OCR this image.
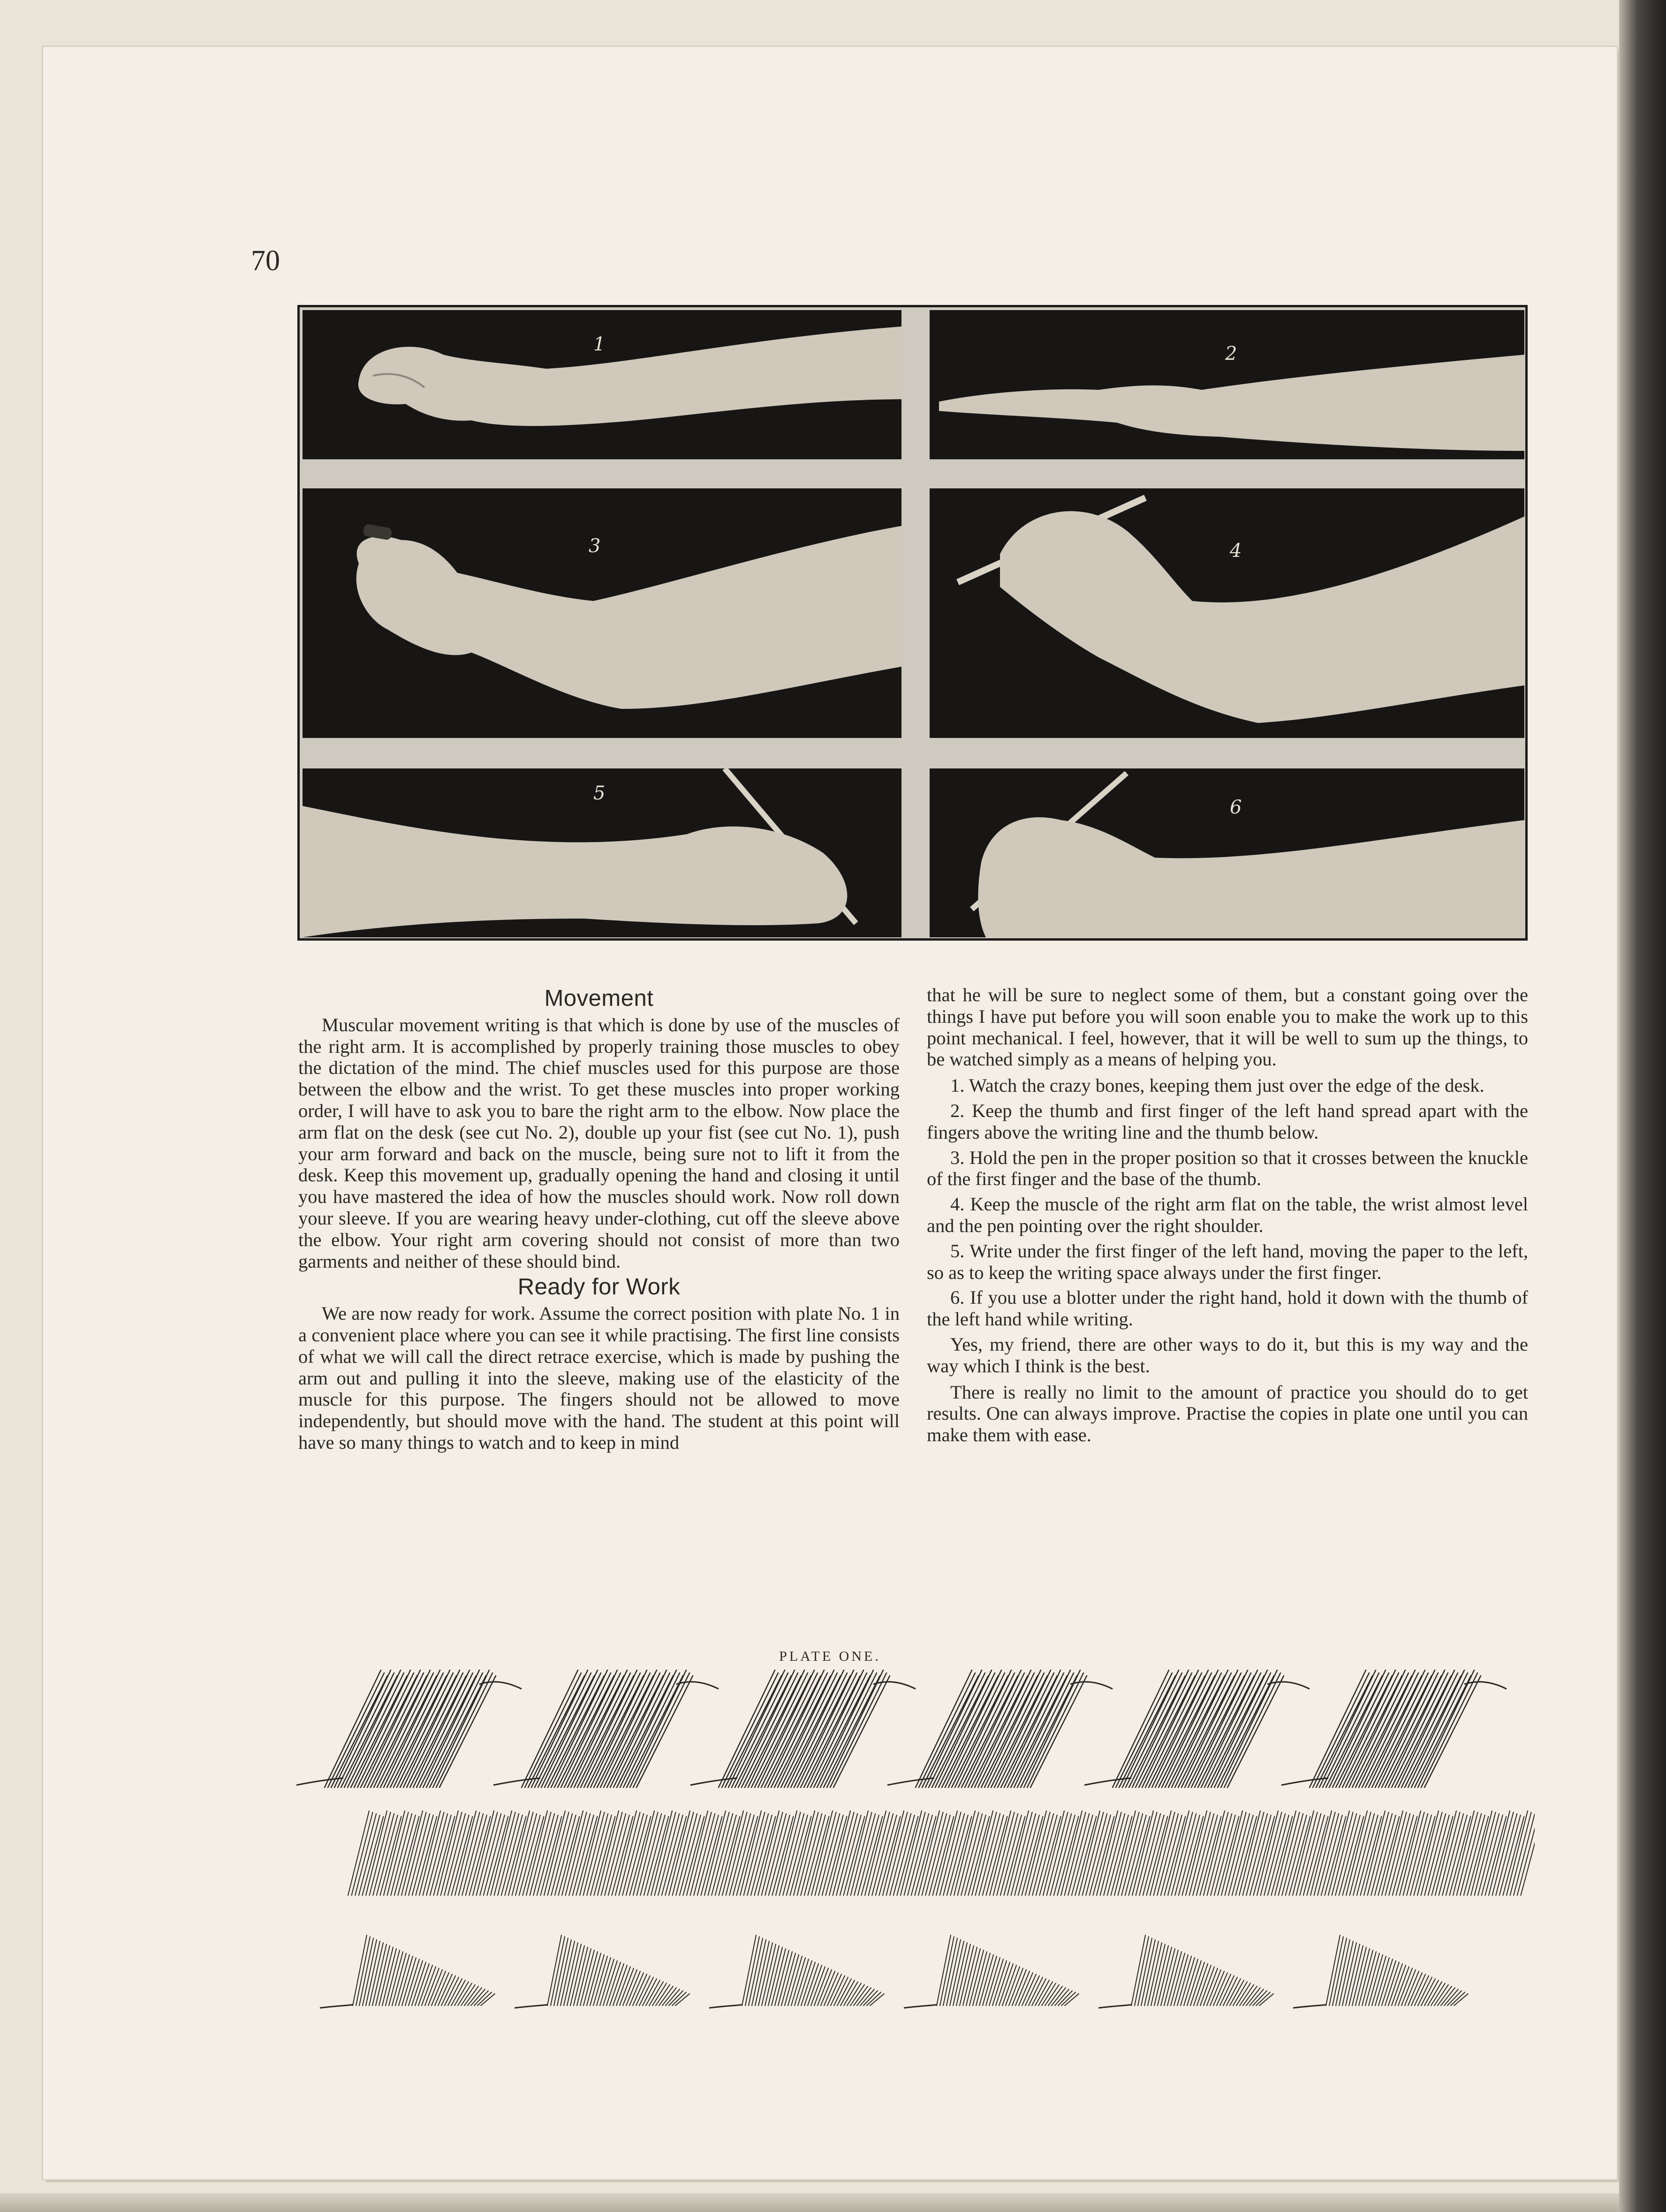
70
1	2
3	4
5
6
Movement

Muscular movement writing is that which is done by use of the muscles of the right arm. It is accomplished by properly training those muscles to obey the dictation of the mind. The chief muscles used for this purpose are those between the elbow and the wrist. To get these muscles into proper working order, I will have to ask you to bare the right arm to the elbow. Now place the arm flat on the desk (see cut No. 2), double up your fist (see cut No. 1), push your arm forward and back on the muscle, being sure not to lift it from the desk. Keep this movement up, gradually opening the hand and closing it until you have mastered the idea of how the muscles should work. Now roll down your sleeve. If you are wearing heavy under-clothing, cut off the sleeve above the elbow. Your right arm covering should not consist of more than two garments and neither of these should bind.

Ready for Work

We are now ready for work. Assume the correct position with plate No. 1 in a convenient place where you can see it while practising. The first line consists of what we will call the direct retrace exercise, which is made by pushing the arm out and pulling it into the sleeve, making use of the elasticity of the muscle for this purpose. The fingers should not be allowed to move independently, but should move with the hand. The student at this point will have so many things to watch and to keep in mind

that he will be sure to neglect some of them, but a constant going over the things I have put before you will soon enable you to make the work up to this point mechanical. I feel, however, that it will be well to sum up the things, to be watched simply as a means of helping you.

1. Watch the crazy bones, keeping them just over the edge of the desk.

2. Keep the thumb and first finger of the left hand spread apart with the fingers above the writing line and the thumb below.

3. Hold the pen in the proper position so that it crosses between the knuckle of the first finger and the base of the thumb.

4. Keep the muscle of the right arm flat on the table, the wrist almost level and the pen pointing over the right shoulder.

5. Write under the first finger of the left hand, moving the paper to the left, so as to keep the writing space always under the first finger.

6. If you use a blotter under the right hand, hold it down with the thumb of the left hand while writing.

Yes, my friend, there are other ways to do it, but this is my way and the way which I think is the best.

There is really no limit to the amount of practice you should do to get results. One can always improve. Practise the copies in plate one until you can make them with ease.

PLATE ONE.
